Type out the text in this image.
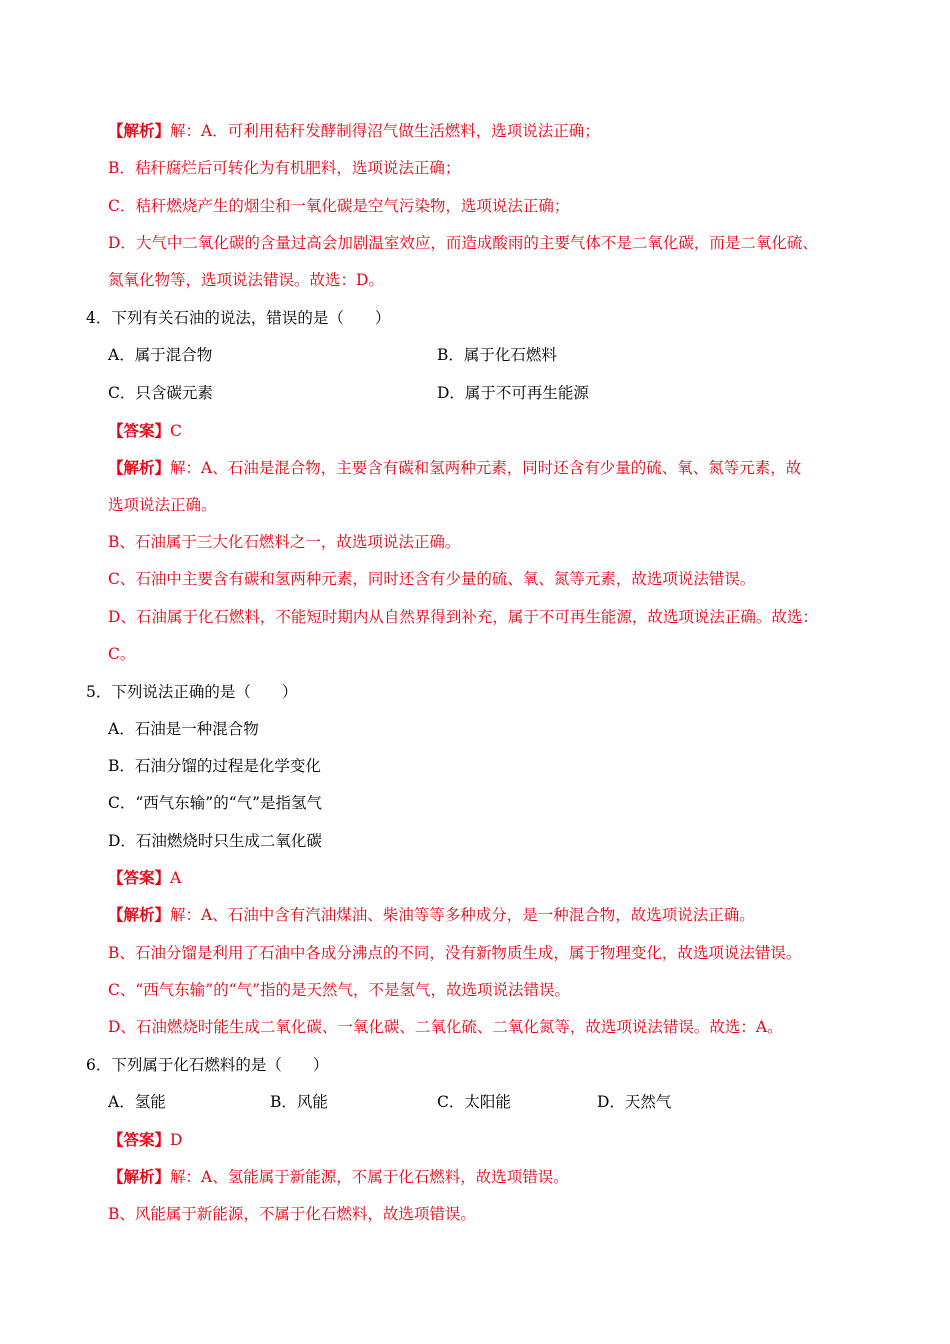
【解析】解：A．可利用秸秆发酵制得沼气做生活燃料，选项说法正确；
B．秸秆腐烂后可转化为有机肥料，选项说法正确；
C．秸秆燃烧产生的烟尘和一氧化碳是空气污染物，选项说法正确；
D．大气中二氧化碳的含量过高会加剧温室效应，而造成酸雨的主要气体不是二氧化碳，而是二氧化硫、
氮氧化物等，选项说法错误。故选：D。
4．下列有关石油的说法，错误的是（　　）
A．属于混合物	B．属于化石燃料
C．只含碳元素	D．属于不可再生能源
【答案】C
【解析】解：A、石油是混合物，主要含有碳和氢两种元素，同时还含有少量的硫、氧、氮等元素，故
选项说法正确。
B、石油属于三大化石燃料之一，故选项说法正确。
C、石油中主要含有碳和氢两种元素，同时还含有少量的硫、氧、氮等元素，故选项说法错误。
D、石油属于化石燃料，不能短时期内从自然界得到补充，属于不可再生能源，故选项说法正确。故选：
C。
5．下列说法正确的是（　　）
A．石油是一种混合物
B．石油分馏的过程是化学变化
C．“西气东输”的“气”是指氢气
D．石油燃烧时只生成二氧化碳
【答案】A
【解析】解：A、石油中含有汽油煤油、柴油等等多种成分，是一种混合物，故选项说法正确。
B、石油分馏是利用了石油中各成分沸点的不同，没有新物质生成，属于物理变化，故选项说法错误。
C、“西气东输”的“气”指的是天然气，不是氢气，故选项说法错误。
D、石油燃烧时能生成二氧化碳、一氧化碳、二氧化硫、二氧化氮等，故选项说法错误。故选：A。
6．下列属于化石燃料的是（　　）
A．氢能	B．风能	C．太阳能	D．天然气
【答案】D
【解析】解：A、氢能属于新能源，不属于化石燃料，故选项错误。
B、风能属于新能源，不属于化石燃料，故选项错误。
